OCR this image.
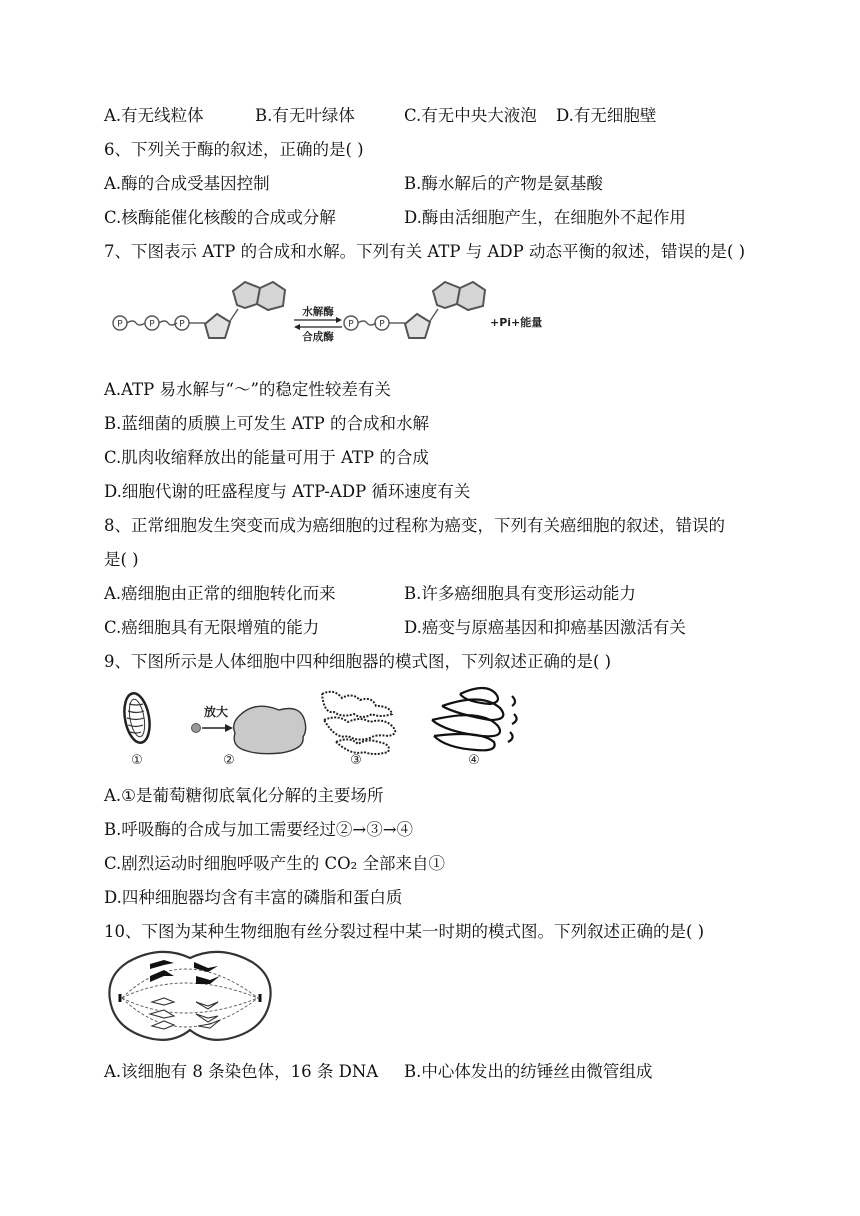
A.有无线粒体	B.有无叶绿体	C.有无中央大液泡 D.有无细胞壁
6、下列关于酶的叙述，正确的是( )
A.酶的合成受基因控制	B.酶水解后的产物是氨基酸
C.核酶能催化核酸的合成或分解	D.酶由活细胞产生，在细胞外不起作用
7、下图表示 ATP 的合成和水解。下列有关 ATP 与 ADP 动态平衡的叙述，错误的是( )
P	P	P	P	P
水解酶
合成酶
+Pi+能量
A.ATP 易水解与“～”的稳定性较差有关
B.蓝细菌的质膜上可发生 ATP 的合成和水解
C.肌肉收缩释放出的能量可用于 ATP 的合成
D.细胞代谢的旺盛程度与 ATP-ADP 循环速度有关
8、正常细胞发生突变而成为癌细胞的过程称为癌变，下列有关癌细胞的叙述，错误的
是( )
A.癌细胞由正常的细胞转化而来	B.许多癌细胞具有变形运动能力
C.癌细胞具有无限增殖的能力	D.癌变与原癌基因和抑癌基因激活有关
9、下图所示是人体细胞中四种细胞器的模式图，下列叙述正确的是( )
放大
①	②	③	④
A.①是葡萄糖彻底氧化分解的主要场所
B.呼吸酶的合成与加工需要经过②→③→④
C.剧烈运动时细胞呼吸产生的 CO₂ 全部来自①
D.四种细胞器均含有丰富的磷脂和蛋白质
10、下图为某种生物细胞有丝分裂过程中某一时期的模式图。下列叙述正确的是( )
A.该细胞有 8 条染色体，16 条 DNA B.中心体发出的纺锤丝由微管组成
